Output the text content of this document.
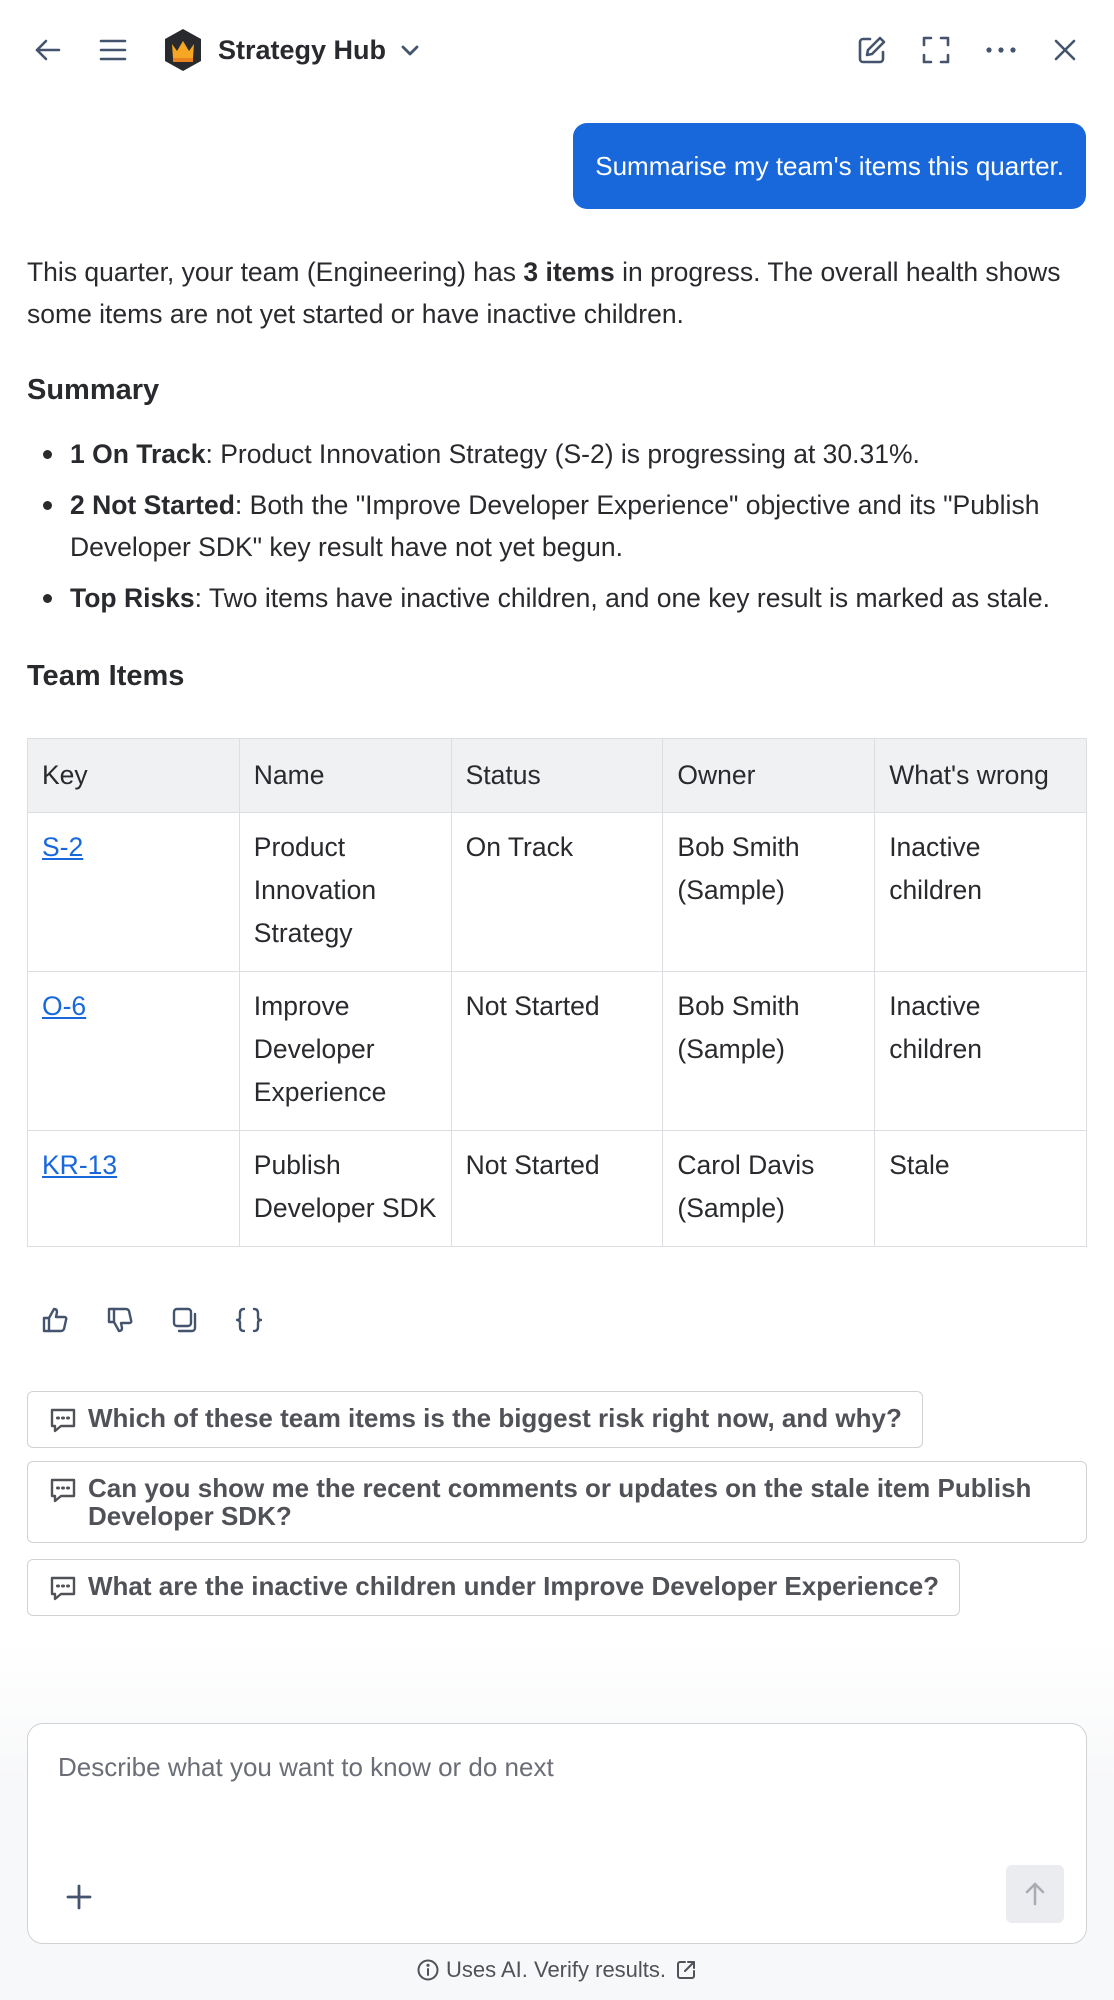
Strategy Hub
Summarise my team's items this quarter.

This quarter, your team (Engineering) has 3 items in progress. The overall health shows some items are not yet started or have inactive children.

Summary
1 On Track: Product Innovation Strategy (S-2) is progressing at 30.31%.
2 Not Started: Both the "Improve Developer Experience" objective and its "Publish Developer SDK" key result have not yet begun.
Top Risks: Two items have inactive children, and one key result is marked as stale.
Team Items
Key	Name	Status	Owner	What's wrong
S-2	Product Innovation Strategy	On Track	Bob Smith (Sample)	Inactive children
O-6	Improve Developer Experience	Not Started	Bob Smith (Sample)	Inactive children
KR-13	Publish Developer SDK	Not Started	Carol Davis (Sample)	Stale
Which of these team items is the biggest risk right now, and why?
Can you show me the recent comments or updates on the stale item Publish Developer SDK?
What are the inactive children under Improve Developer Experience?
Describe what you want to know or do next
Uses AI. Verify results.
